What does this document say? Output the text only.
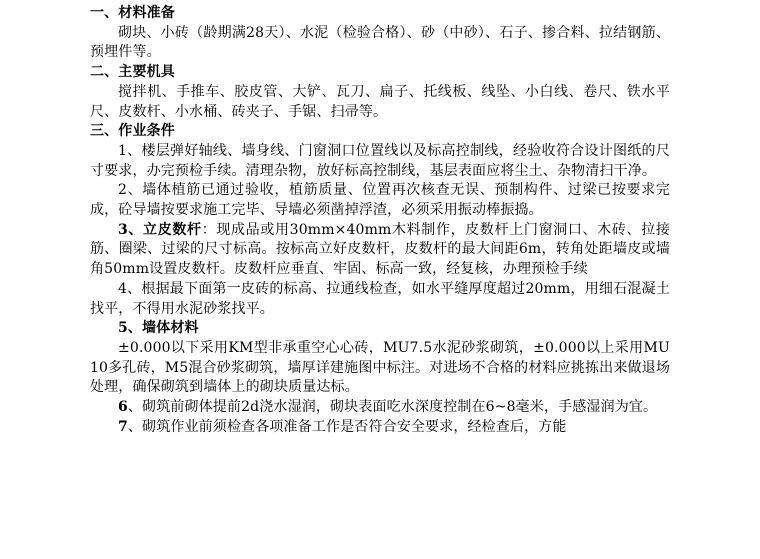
一、材料准备

砌块、小砖（龄期满28天）、水泥（检验合格）、砂（中砂）、石子、掺合料、拉结钢筋、预埋件等。

二、主要机具

搅拌机、手推车、胶皮管、大铲、瓦刀、扁子、托线板、线坠、小白线、卷尺、铁水平尺、皮数杆、小水桶、砖夹子、手锯、扫帚等。

三、作业条件

1、楼层弹好轴线、墙身线、门窗洞口位置线以及标高控制线，经验收符合设计图纸的尺寸要求，办完预检手续。清理杂物，放好标高控制线，基层表面应将尘土、杂物清扫干净。

2、墙体植筋已通过验收，植筋质量、位置再次核查无误、预制构件、过梁已按要求完成，砼导墙按要求施工完毕、导墙必须凿掉浮渣，必须采用振动棒振捣。

3、立皮数杆：现成品或用30mm×40mm木料制作，皮数杆上门窗洞口、木砖、拉接筋、圈梁、过梁的尺寸标高。按标高立好皮数杆，皮数杆的最大间距6m，转角处距墙皮或墙角50mm设置皮数杆。皮数杆应垂直、牢固、标高一致，经复核，办理预检手续

4、根据最下面第一皮砖的标高、拉通线检查，如水平缝厚度超过20mm，用细石混凝土找平，不得用水泥砂浆找平。

5、墙体材料

±0.000以下采用KM型非承重空心心砖，MU7.5水泥砂浆砌筑，±0.000以上采用MU10多孔砖，M5混合砂浆砌筑，墙厚详建施图中标注。对进场不合格的材料应挑拣出来做退场处理，确保砌筑到墙体上的砌块质量达标。

6、砌筑前砌体提前2d浇水湿润，砌块表面吃水深度控制在6~8毫米，手感湿润为宜。

7、砌筑作业前须检查各项准备工作是否符合安全要求，经检查后，方能
